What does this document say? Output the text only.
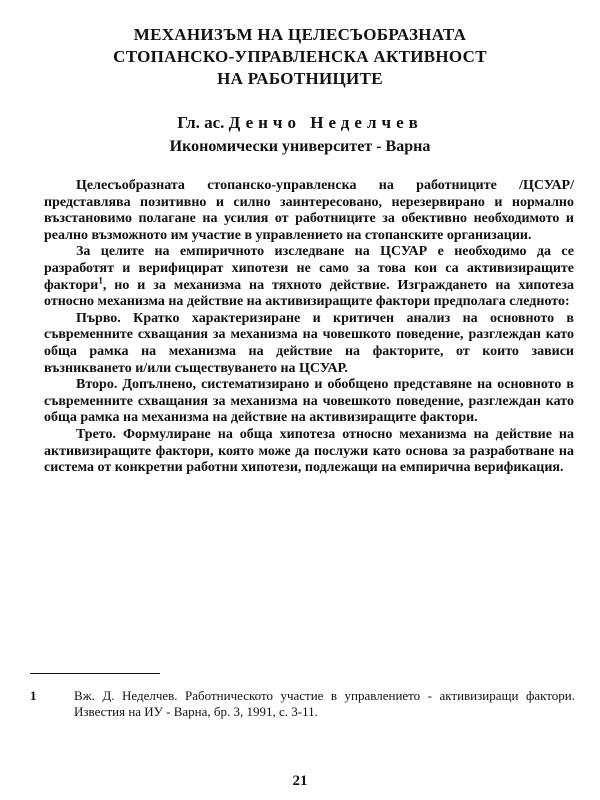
МЕХАНИЗЪМ НА ЦЕЛЕСЪОБРАЗНАТА
СТОПАНСКО-УПРАВЛЕНСКА АКТИВНОСТ
НА РАБОТНИЦИТЕ
Гл. ас. Денчо Неделчев
Икономически университет - Варна

Целесъобразната стопанско-управленска на работниците /ЦСУАР/ представлява позитивно и силно заинтересовано, нерезервирано и нормално възстановимо полагане на усилия от работниците за обективно необходимото и реално възможното им участие в управлението на стопанските организации.

За целите на емпиричното изследване на ЦСУАР е необходимо да се разработят и верифицират хипотези не само за това кои са активизиращите фактори$^1$, но и за механизма на тяхното действие. Изграждането на хипотеза относно механизма на действие на активизиращите фактори предполага следното:

Първо. Кратко характеризиране и критичен анализ на основното в съвременните схващания за механизма на човешкото поведение, разглеждан като обща рамка на механизма на действие на факторите, от които зависи възникването и/или съществуването на ЦСУАР.

Второ. Допълнено, систематизирано и обобщено представяне на основното в съвременните схващания за механизма на човешкото поведение, разглеждан като обща рамка на механизма на действие на активизиращите фактори.

Трето. Формулиране на обща хипотеза относно механизма на действие на активизиращите фактори, която може да послужи като основа за разработване на система от конкретни работни хипотези, подлежащи на емпирична верификация.

1	Вж. Д. Неделчев. Работническото участие в управлението - активизиращи фактори. Известия на ИУ - Варна, бр. 3, 1991, с. 3-11.
21
